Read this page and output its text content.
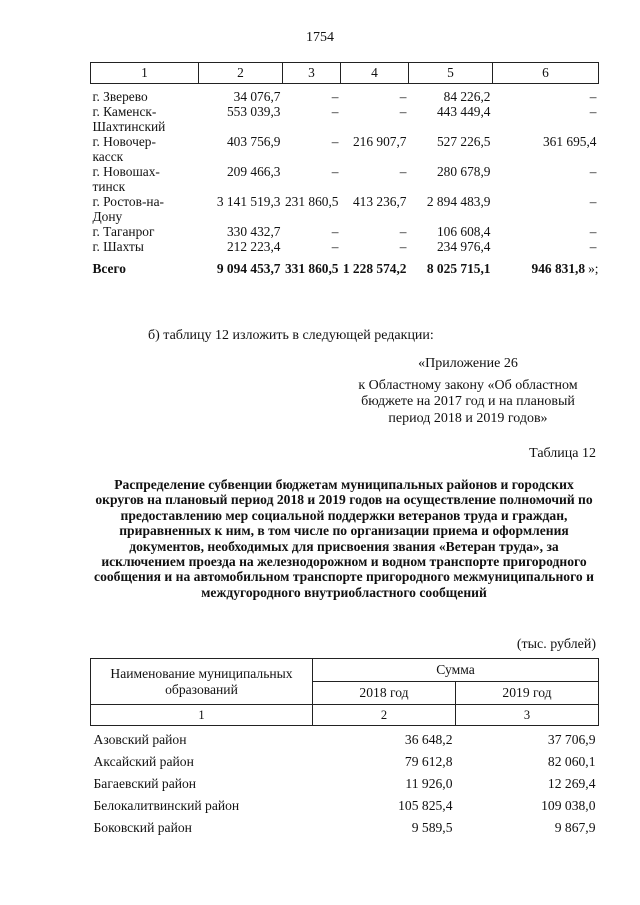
1754
1	2	3	4	5	6
г. Зверево	34 076,7	–	–	84 226,2	–
г. Каменск-
Шахтинский	553 039,3	–	–	443 449,4	–
г. Новочер-
касск	403 756,9	–	216 907,7	527 226,5	361 695,4
г. Новошах-
тинск	209 466,3	–	–	280 678,9	–
г. Ростов-на-
Дону	3 141 519,3	231 860,5	413 236,7	2 894 483,9	–
г. Таганрог	330 432,7	–	–	106 608,4	–
г. Шахты	212 223,4	–	–	234 976,4	–
Всего	9 094 453,7	331 860,5	1 228 574,2	8 025 715,1	946 831,8 »;
б) таблицу 12 изложить в следующей редакции:
«Приложение 26
к Областному закону «Об областном бюджете на 2017 год и на плановый период 2018 и 2019 годов»
Таблица 12
Распределение субвенции бюджетам муниципальных районов и городских округов на плановый период 2018 и 2019 годов на осуществление полномочий по предоставлению мер социальной поддержки ветеранов труда и граждан, приравненных к ним, в том числе по организации приема и оформления документов, необходимых для присвоения звания «Ветеран труда», за исключением проезда на железнодорожном и водном транспорте пригородного сообщения и на автомобильном транспорте пригородного межмуниципального и междугородного внутриобластного сообщений
(тыс. рублей)
Наименование муниципальных образований	Сумма	
	2018 год	2019 год
1	2	3
Азовский район	36 648,2	37 706,9
Аксайский район	79 612,8	82 060,1
Багаевский район	11 926,0	12 269,4
Белокалитвинский район	105 825,4	109 038,0
Боковский район	9 589,5	9 867,9
